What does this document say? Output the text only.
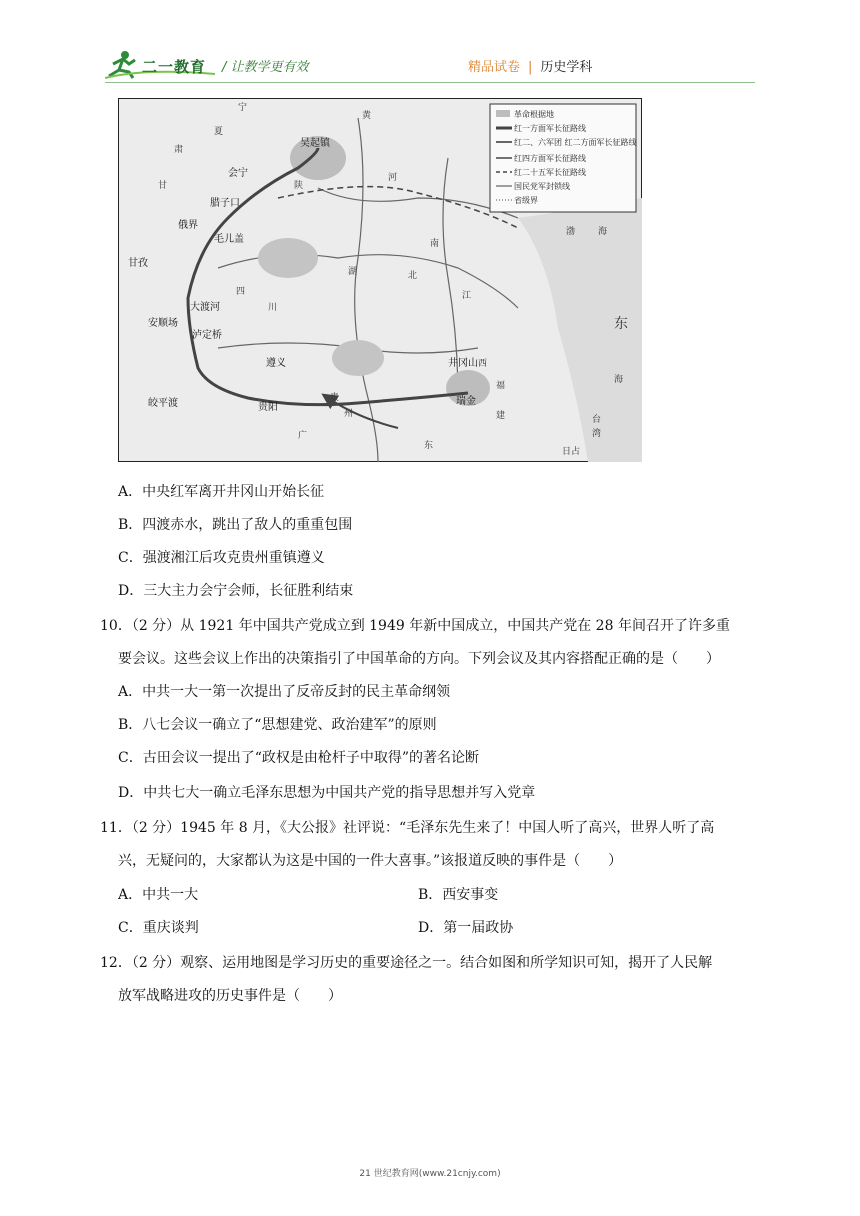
二一教育 / 让教学更有效	精品试卷 | 历史学科
革命根据地
红一方面军长征路线
红二、六军团 红二方面军长征路线
红四方面军长征路线
红二十五军长征路线
国民党军封锁线
省级界
吴起镇
会宁
腊子口
俄界
毛儿盖
甘孜
泸定桥
安顺场
大渡河
遵义
贵阳
皎平渡
井冈山
瑞金
陕
河
南
湖	北
四
川
江
西
贵
州
广
东
福
建	台
湾
日占
黄
渤	海
东
海
宁
夏
肃
甘
A．中央红军离开井冈山开始长征
B．四渡赤水，跳出了敌人的重重包围
C．强渡湘江后攻克贵州重镇遵义
D．三大主力会宁会师，长征胜利结束
10．（2 分）从 1921 年中国共产党成立到 1949 年新中国成立，中国共产党在 28 年间召开了许多重
要会议。这些会议上作出的决策指引了中国革命的方向。下列会议及其内容搭配正确的是（　　）
A．中共一大一第一次提出了反帝反封的民主革命纲领
B．八七会议一确立了“思想建党、政治建军”的原则
C．古田会议一提出了“政权是由枪杆子中取得”的著名论断
D．中共七大一确立毛泽东思想为中国共产党的指导思想并写入党章
11．（2 分）1945 年 8 月，《大公报》社评说：“毛泽东先生来了！中国人听了高兴，世界人听了高
兴，无疑问的，大家都认为这是中国的一件大喜事。”该报道反映的事件是（　　）
A．中共一大	B．西安事变
C．重庆谈判	D．第一届政协
12．（2 分）观察、运用地图是学习历史的重要途径之一。结合如图和所学知识可知，揭开了人民解
放军战略进攻的历史事件是（　　）
21 世纪教育网(www.21cnjy.com)
